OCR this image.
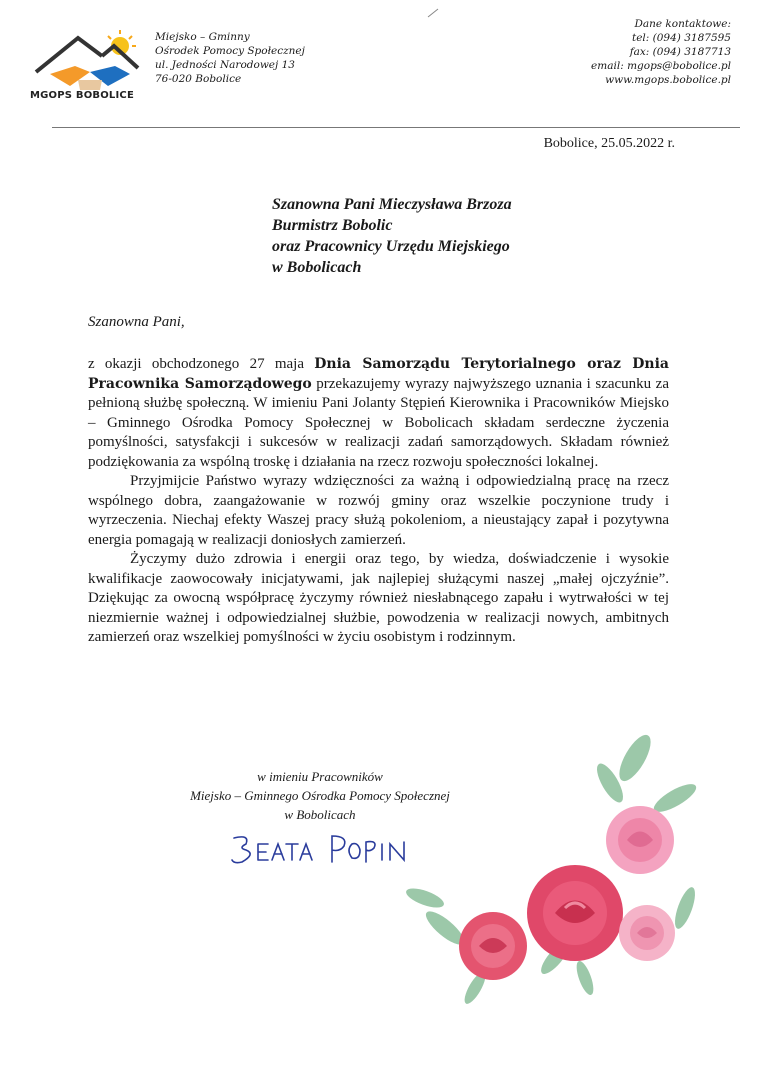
MGOPS BOBOLICE
Miejsko – Gminny
Ośrodek Pomocy Społecznej
ul. Jedności Narodowej 13
76-020 Bobolice
Dane kontaktowe:
tel: (094) 3187595
fax: (094) 3187713
email: mgops@bobolice.pl
www.mgops.bobolice.pl
Bobolice, 25.05.2022 r.
Szanowna Pani Mieczysława Brzoza
Burmistrz Bobolic
oraz Pracownicy Urzędu Miejskiego
w Bobolicach
Szanowna Pani,

z okazji obchodzonego 27 maja Dnia Samorządu Terytorialnego oraz Dnia Pracownika Samorządowego przekazujemy wyrazy najwyższego uznania i szacunku za pełnioną służbę społeczną. W imieniu Pani Jolanty Stępień Kierownika i Pracowników Miejsko – Gminnego Ośrodka Pomocy Społecznej w Bobolicach składam serdeczne życzenia pomyślności, satysfakcji i sukcesów w realizacji zadań samorządowych. Składam również podziękowania za wspólną troskę i działania na rzecz rozwoju społeczności lokalnej.

Przyjmijcie Państwo wyrazy wdzięczności za ważną i odpowiedzialną pracę na rzecz wspólnego dobra, zaangażowanie w rozwój gminy oraz wszelkie poczynione trudy i wyrzeczenia. Niechaj efekty Waszej pracy służą pokoleniom, a nieustający zapał i pozytywna energia pomagają w realizacji doniosłych zamierzeń.

Życzymy dużo zdrowia i energii oraz tego, by wiedza, doświadczenie i wysokie kwalifikacje zaowocowały inicjatywami, jak najlepiej służącymi naszej „małej ojczyźnie”. Dziękując za owocną współpracę życzymy również niesłabnącego zapału i wytrwałości w tej niezmiernie ważnej i odpowiedzialnej służbie, powodzenia w realizacji nowych, ambitnych zamierzeń oraz wszelkiej pomyślności w życiu osobistym i rodzinnym.

w imieniu Pracowników
Miejsko – Gminnego Ośrodka Pomocy Społecznej
w Bobolicach
